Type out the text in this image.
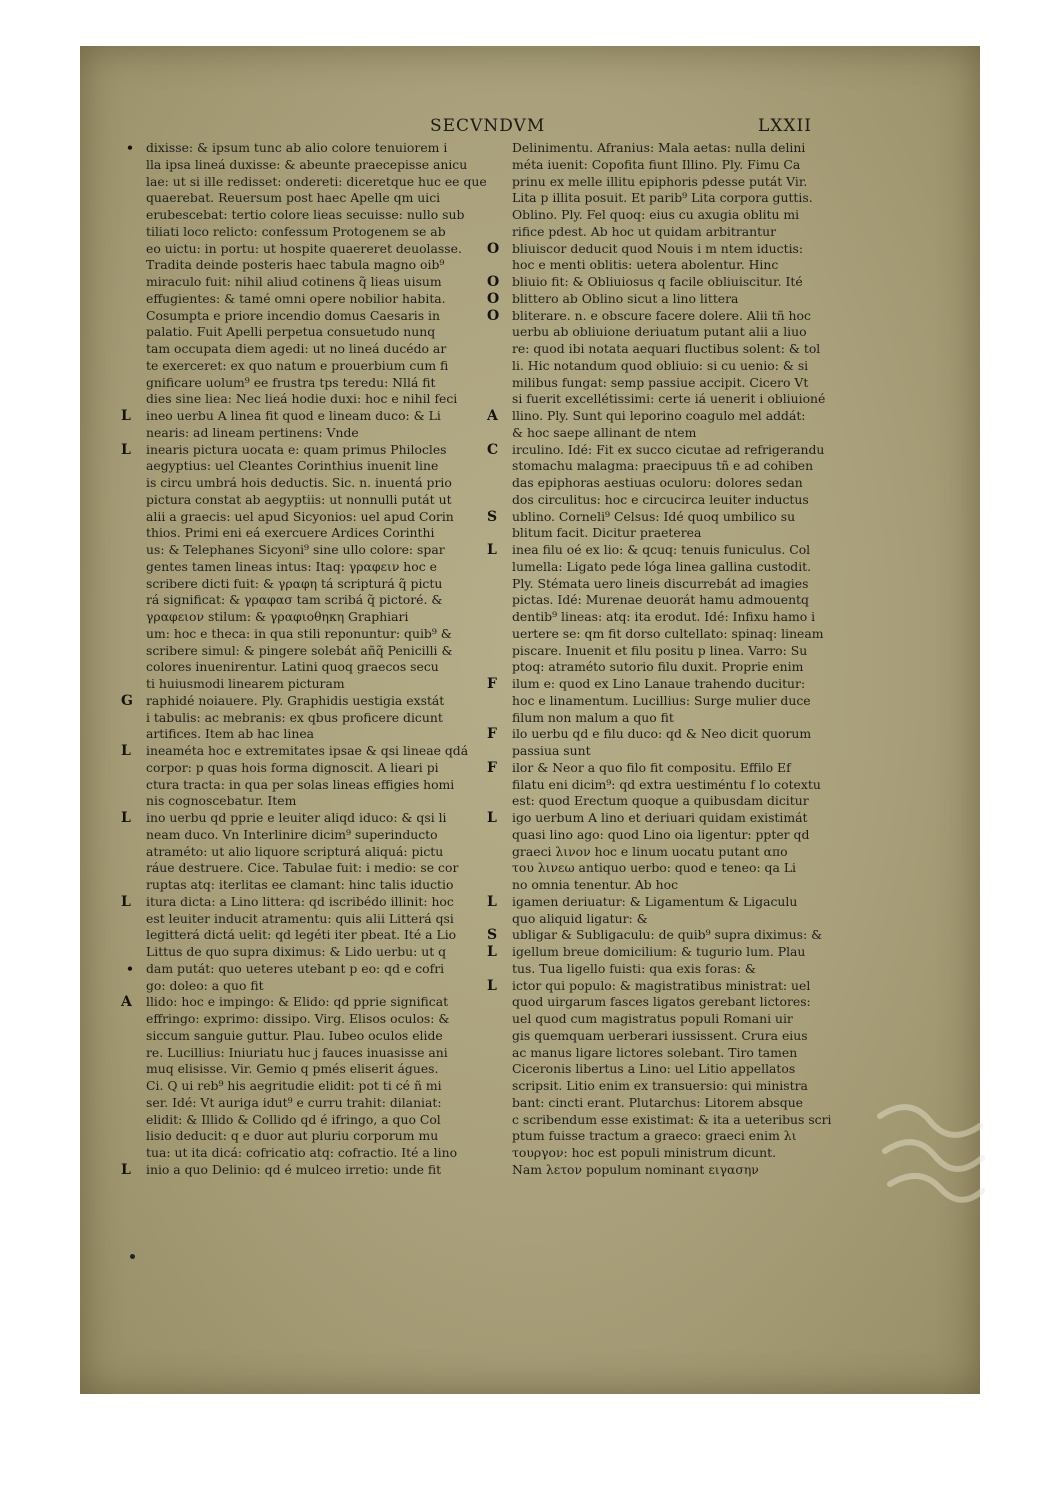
SECVNDVM	LXXII
• dixisse: & ipsum tunc ab alio colore tenuiorem i
lla ipsa lineá duxisse: & abeunte praecepisse anicu
lae: ut si ille redisset: ondereti: diceretque huc ee que
quaerebat. Reuersum post haec Apelle qm uici
erubescebat: tertio colore lieas secuisse: nullo sub
tiliati loco relicto: confessum Protogenem se ab
eo uictu: in portu: ut hospite quaereret deuolasse.
Tradita deinde posteris haec tabula magno oib⁹
miraculo fuit: nihil aliud cotinens q̃ lieas uisum
effugientes: & tamé omni opere nobilior habita.
Cosumpta e priore incendio domus Caesaris in
palatio. Fuit Apelli perpetua consuetudo nunq
tam occupata diem agedi: ut no lineá ducédo ar
te exerceret: ex quo natum e prouerbium cum fi
gnificare uolum⁹ ee frustra tps teredu: Nllá fit
dies sine liea: Nec lieá hodie duxi: hoc e nihil feci
L ineo uerbu A linea fit quod e lineam duco: & Li
nearis: ad lineam pertinens: Vnde
L inearis pictura uocata e: quam primus Philocles
aegyptius: uel Cleantes Corinthius inuenit line
is circu umbrá hois deductis. Sic. n. inuentá prio
pictura constat ab aegyptiis: ut nonnulli putát ut
alii a graecis: uel apud Sicyonios: uel apud Corin
thios. Primi eni eá exercuere Ardices Corinthi
us: & Telephanes Sicyoni⁹ sine ullo colore: spar
gentes tamen lineas intus: Itaq: γραφειν hoc e
scribere dicti fuit: & γραφη tá scripturá q̃ pictu
rá significat: & γραφασ tam scribá q̃ pictoré. &
γραφειον stilum: & γραφιοθηκη Graphiari
um: hoc e theca: in qua stili reponuntur: quib⁹ &
scribere simul: & pingere solebát añq̃ Penicilli &
colores inuenirentur. Latini quoq graecos secu
ti huiusmodi linearem picturam
G raphidé noiauere. Ply. Graphidis uestigia exstát
i tabulis: ac mebranis: ex qbus proficere dicunt
artifices. Item ab hac linea
L ineaméta hoc e extremitates ipsae & qsi lineae qdá
corpor: p quas hois forma dignoscit. A lieari pi
ctura tracta: in qua per solas lineas effigies homi
nis cognoscebatur. Item
L ino uerbu qd pprie e leuiter aliqd iduco: & qsi li
neam duco. Vn Interlinire dicim⁹ superinducto
atraméto: ut alio liquore scripturá aliquá: pictu
ráue destruere. Cice. Tabulae fuit: i medio: se cor
ruptas atq: iterlitas ee clamant: hinc talis iductio
L itura dicta: a Lino littera: qd iscribédo illinit: hoc
est leuiter inducit atramentu: quis alii Litterá qsi
legitterá dictá uelit: qd legéti iter pbeat. Ité a Lio
Littus de quo supra diximus: & Lido uerbu: ut q
• dam putát: quo ueteres utebant p eo: qd e cofri
go: doleo: a quo fit
A llido: hoc e impingo: & Elido: qd pprie significat
effringo: exprimo: dissipo. Virg. Elisos oculos: &
siccum sanguie guttur. Plau. Iubeo oculos elide
re. Lucillius: Iniuriatu huc j fauces inuasisse ani
muq elisisse. Vir. Gemio q pmés eliserit águes.
Ci. Q ui reb⁹ his aegritudie elidit: pot ti cé ñ mi
ser. Idé: Vt auriga idut⁹ e curru trahit: dilaniat:
elidit: & Illido & Collido qd é ifringo, a quo Col
lisio deducit: q e duor aut pluriu corporum mu
tua: ut ita dicá: cofricatio atq: cofractio. Ité a lino
L inio a quo Delinio: qd é mulceo irretio: unde fit
Delinimentu. Afranius: Mala aetas: nulla delini
méta iuenit: Copofita fiunt Illino. Ply. Fimu Ca
prinu ex melle illitu epiphoris pdesse putát Vir.
Lita p illita posuit. Et parib⁹ Lita corpora guttis.
Oblino. Ply. Fel quoq: eius cu axugia oblitu mi
rifice pdest. Ab hoc ut quidam arbitrantur
O bliuiscor deducit quod Nouis i m ntem iductis:
hoc e menti oblitis: uetera abolentur. Hinc
O bliuio fit: & Obliuiosus q facile obliuiscitur. Ité
O blittero ab Oblino sicut a lino littera
O bliterare. n. e obscure facere dolere. Alii tñ hoc
uerbu ab obliuione deriuatum putant alii a liuo
re: quod ibi notata aequari fluctibus solent: & tol
li. Hic notandum quod obliuio: si cu uenio: & si
milibus fungat: semp passiue accipit. Cicero Vt
si fuerit excellétissimi: certe iá uenerit i obliuioné
A llino. Ply. Sunt qui leporino coagulo mel addát:
& hoc saepe allinant de ntem
C irculino. Idé: Fit ex succo cicutae ad refrigerandu
stomachu malagma: praecipuus tñ e ad cohiben
das epiphoras aestiuas oculoru: dolores sedan
dos circulitus: hoc e circucirca leuiter inductus
S ublino. Corneli⁹ Celsus: Idé quoq umbilico su
blitum facit. Dicitur praeterea
L inea filu oé ex lio: & qcuq: tenuis funiculus. Col
lumella: Ligato pede lóga linea gallina custodit.
Ply. Stémata uero lineis discurrebát ad imagies
pictas. Idé: Murenae deuorát hamu admouentq
dentib⁹ lineas: atq: ita erodut. Idé: Infixu hamo i
uertere se: qm fit dorso cultellato: spinaq: lineam
piscare. Inuenit et filu positu p linea. Varro: Su
ptoq: atraméto sutorio filu duxit. Proprie enim
F ilum e: quod ex Lino Lanaue trahendo ducitur:
hoc e linamentum. Lucillius: Surge mulier duce
filum non malum a quo fit
F ilo uerbu qd e filu duco: qd & Neo dicit quorum
passiua sunt
F ilor & Neor a quo filo fit compositu. Effilo Ef
filatu eni dicim⁹: qd extra uestiméntu f lo cotextu
est: quod Erectum quoque a quibusdam dicitur
L igo uerbum A lino et deriuari quidam existimát
quasi lino ago: quod Lino oia ligentur: ppter qd
graeci λινον hoc e linum uocatu putant απο
του λινεω antiquo uerbo: quod e teneo: qa Li
no omnia tenentur. Ab hoc
L igamen deriuatur: & Ligamentum & Ligaculu
quo aliquid ligatur: &
S ubligar & Subligaculu: de quib⁹ supra diximus: &
L igellum breue domicilium: & tugurio lum. Plau
tus. Tua ligello fuisti: qua exis foras: &
L ictor qui populo: & magistratibus ministrat: uel
quod uirgarum fasces ligatos gerebant lictores:
uel quod cum magistratus populi Romani uir
gis quemquam uerberari iussissent. Crura eius
ac manus ligare lictores solebant. Tiro tamen
Ciceronis libertus a Lino: uel Litio appellatos
scripsit. Litio enim ex transuersio: qui ministra
bant: cincti erant. Plutarchus: Litorem absque
c scribendum esse existimat: & ita a ueteribus scri
ptum fuisse tractum a graeco: graeci enim λι
τουργον: hoc est populi ministrum dicunt.
Nam λετον populum nominant ειγασην
